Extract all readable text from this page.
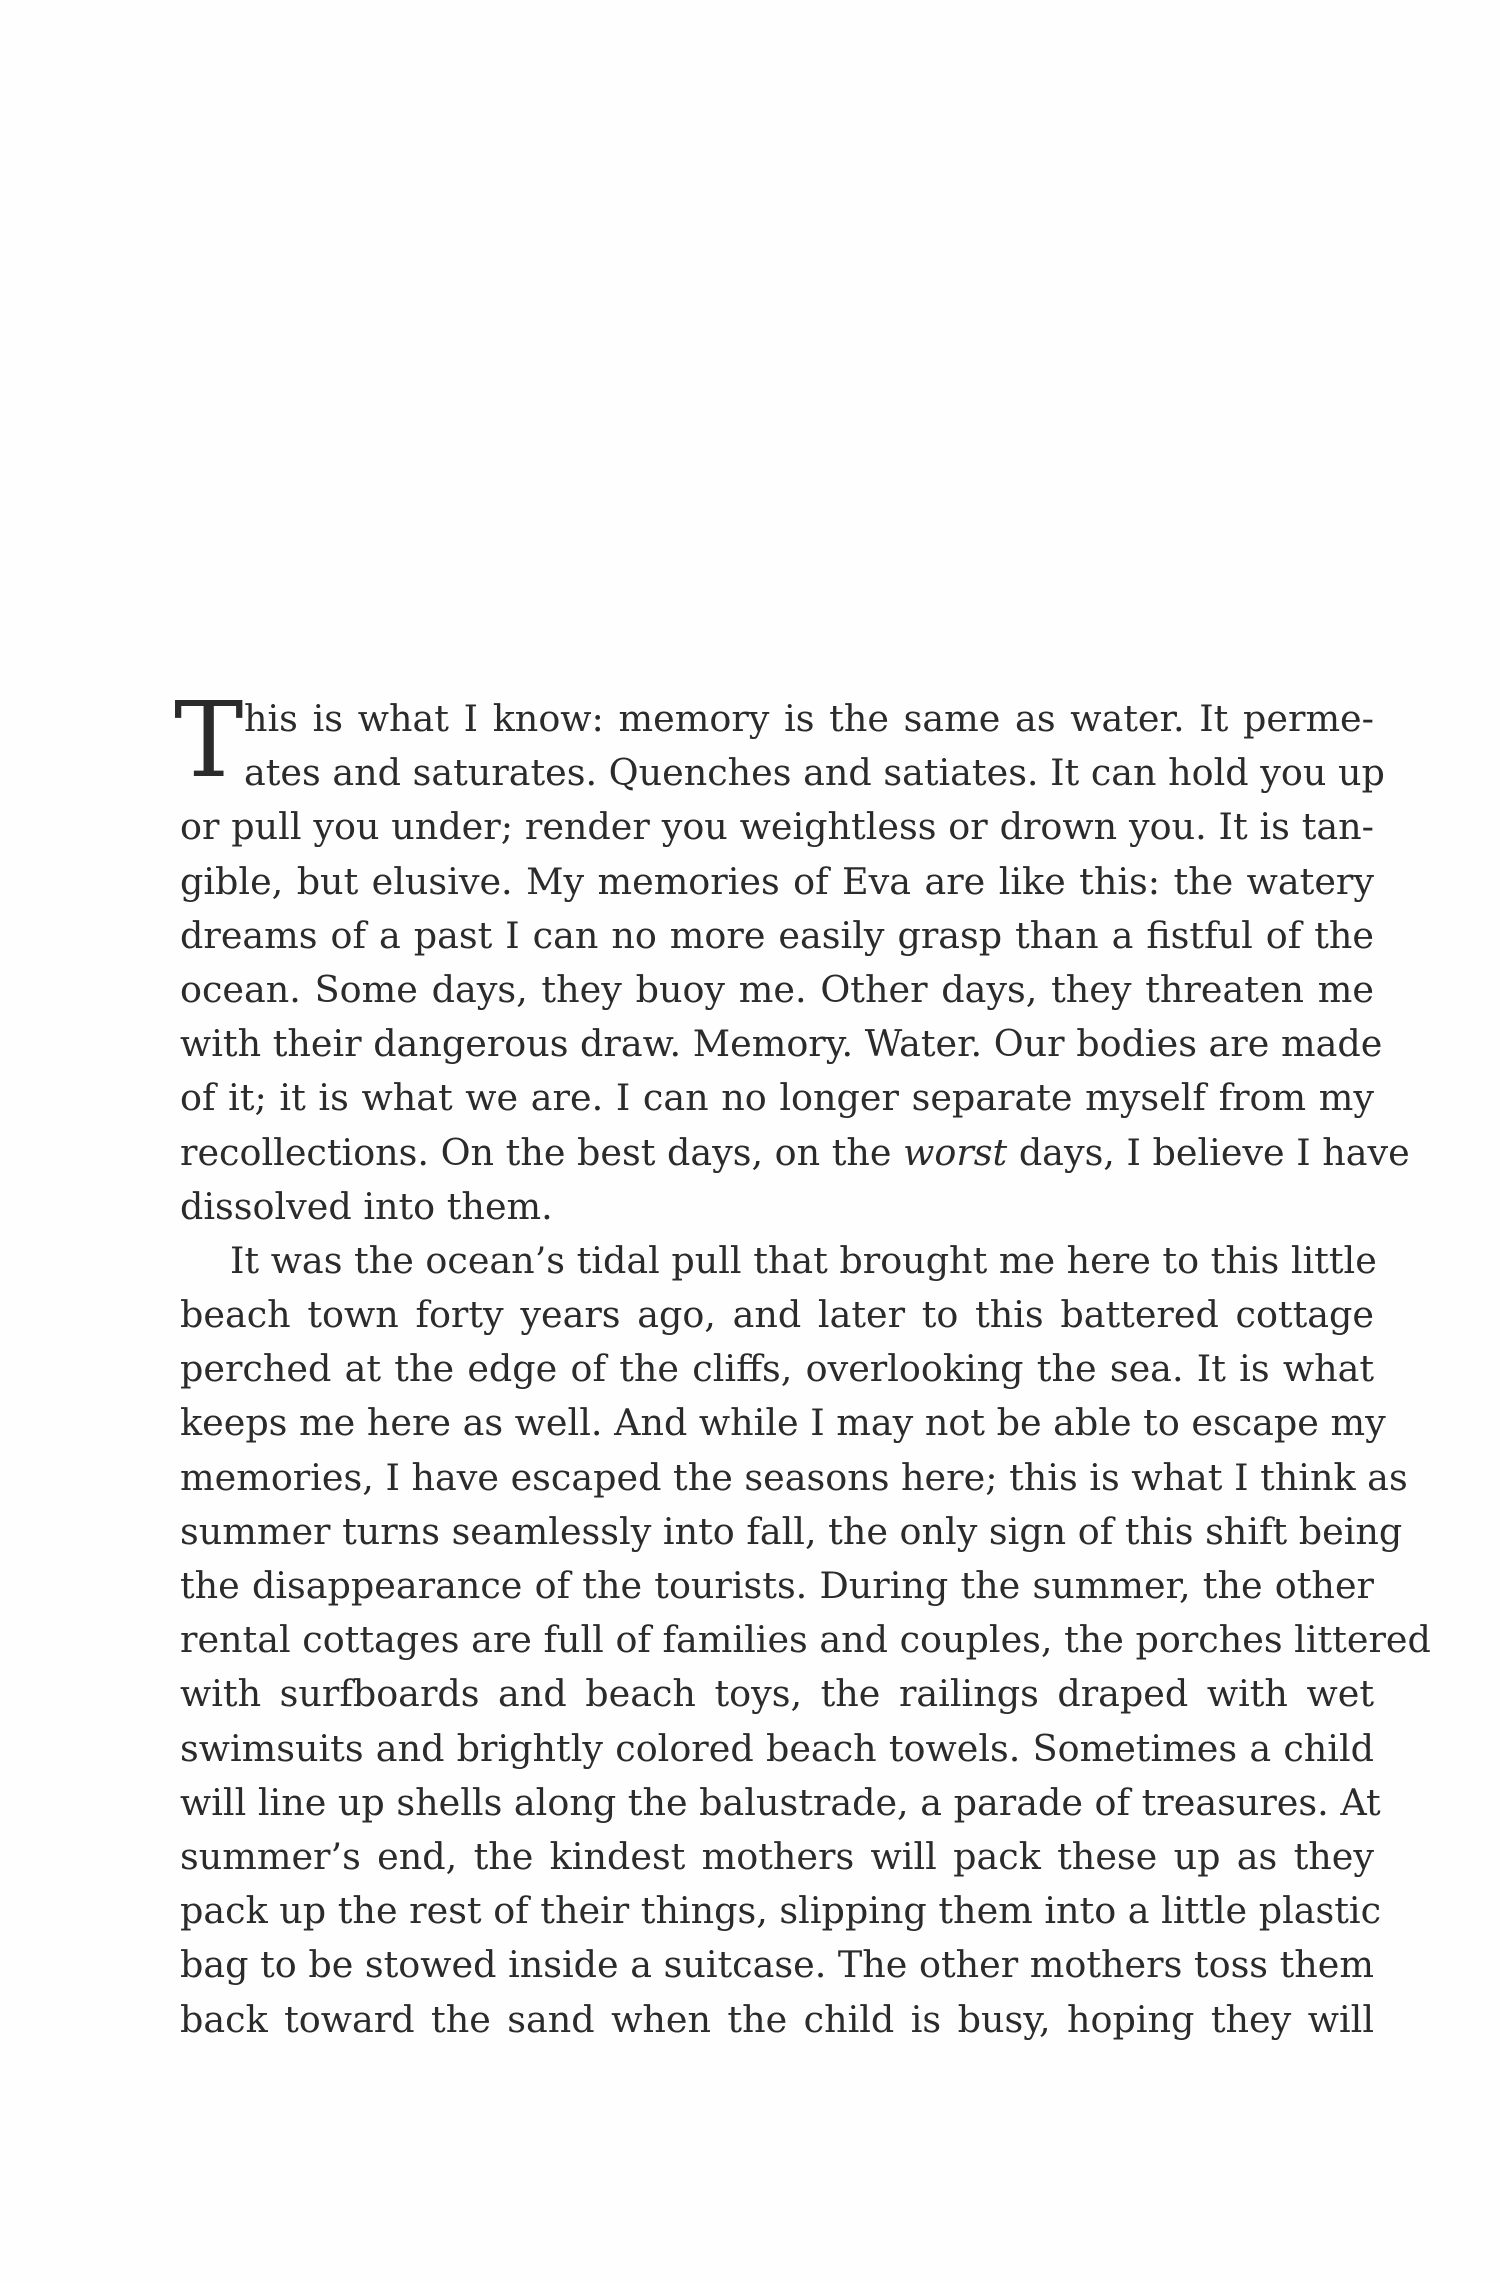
T his is what I know: memory is the same as water. It perme-
ates and saturates. Quenches and satiates. It can hold you up
or pull you under; render you weightless or drown you. It is tan-
gible, but elusive. My memories of Eva are like this: the watery
dreams of a past I can no more easily grasp than a fistful of the
ocean. Some days, they buoy me. Other days, they threaten me
with their dangerous draw. Memory. Water. Our bodies are made
of it; it is what we are. I can no longer separate myself from my
recollections. On the best days, on the worst days, I believe I have
dissolved into them.
It was the ocean’s tidal pull that brought me here to this little
beach town forty years ago, and later to this battered cottage
perched at the edge of the cliffs, overlooking the sea. It is what
keeps me here as well. And while I may not be able to escape my
memories, I have escaped the seasons here; this is what I think as
summer turns seamlessly into fall, the only sign of this shift being
the disappearance of the tourists. During the summer, the other
rental cottages are full of families and couples, the porches littered
with surfboards and beach toys, the railings draped with wet
swimsuits and brightly colored beach towels. Sometimes a child
will line up shells along the balustrade, a parade of treasures. At
summer’s end, the kindest mothers will pack these up as they
pack up the rest of their things, slipping them into a little plastic
bag to be stowed inside a suitcase. The other mothers toss them
back toward the sand when the child is busy, hoping they will
